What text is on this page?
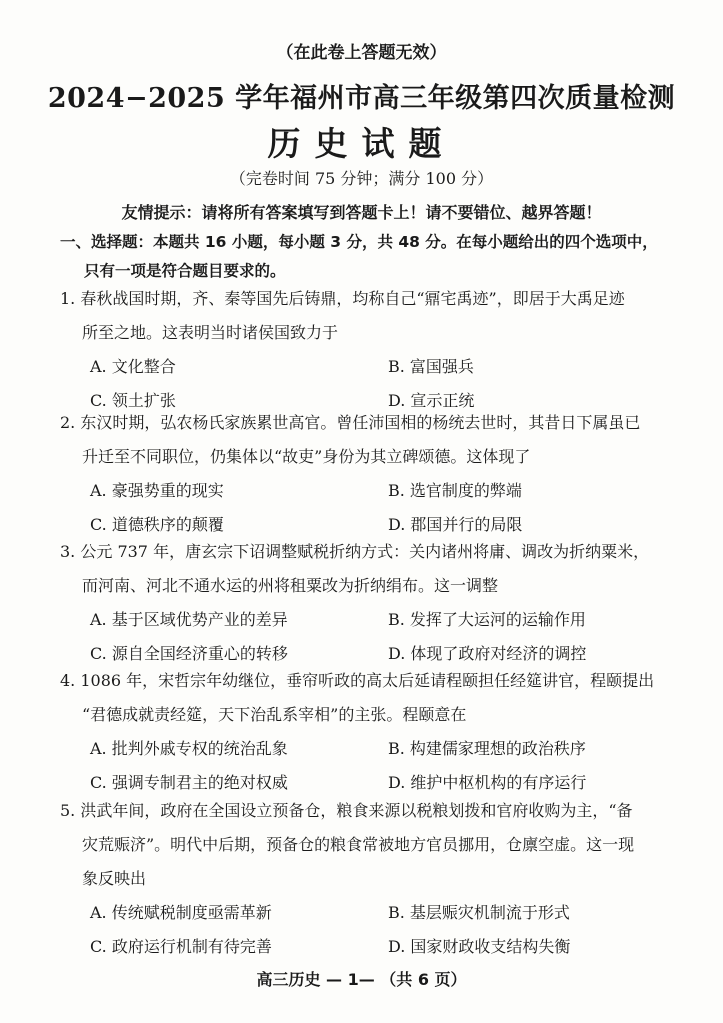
（在此卷上答题无效）
2024−2025 学年福州市高三年级第四次质量检测
历史试题
（完卷时间 75 分钟；满分 100 分）
友情提示：请将所有答案填写到答题卡上！请不要错位、越界答题！
一、选择题：本题共 16 小题，每小题 3 分，共 48 分。在每小题给出的四个选项中，
只有一项是符合题目要求的。
1. 春秋战国时期，齐、秦等国先后铸鼎，均称自己“鼏宅禹迹”，即居于大禹足迹
所至之地。这表明当时诸侯国致力于
A. 文化整合	B. 富国强兵
C. 领土扩张	D. 宣示正统
2. 东汉时期，弘农杨氏家族累世高官。曾任沛国相的杨统去世时，其昔日下属虽已
升迁至不同职位，仍集体以“故吏”身份为其立碑颂德。这体现了
A. 豪强势重的现实	B. 选官制度的弊端
C. 道德秩序的颠覆	D. 郡国并行的局限
3. 公元 737 年，唐玄宗下诏调整赋税折纳方式：关内诸州将庸、调改为折纳粟米，
而河南、河北不通水运的州将租粟改为折纳绢布。这一调整
A. 基于区域优势产业的差异	B. 发挥了大运河的运输作用
C. 源自全国经济重心的转移	D. 体现了政府对经济的调控
4. 1086 年，宋哲宗年幼继位，垂帘听政的高太后延请程颐担任经筵讲官，程颐提出
“君德成就责经筵，天下治乱系宰相”的主张。程颐意在
A. 批判外戚专权的统治乱象	B. 构建儒家理想的政治秩序
C. 强调专制君主的绝对权威	D. 维护中枢机构的有序运行
5. 洪武年间，政府在全国设立预备仓，粮食来源以税粮划拨和官府收购为主，“备
灾荒赈济”。明代中后期，预备仓的粮食常被地方官员挪用，仓廪空虚。这一现
象反映出
A. 传统赋税制度亟需革新	B. 基层赈灾机制流于形式
C. 政府运行机制有待完善	D. 国家财政收支结构失衡
高三历史 — 1— （共 6 页）
